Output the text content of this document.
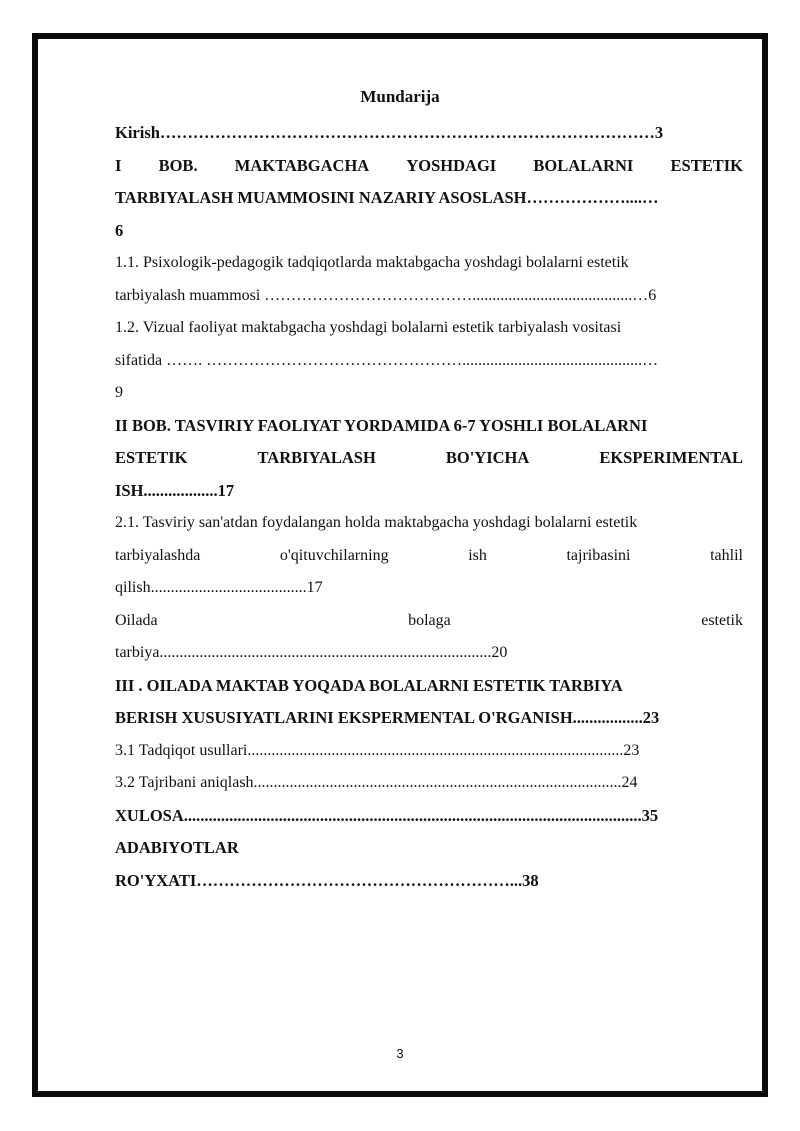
Mundarija
Kirish………………………………………………………………………………3
I BOB. MAKTABGACHA YOSHDAGI BOLALARNI ESTETIK
TARBIYALASH MUAMMOSINI NAZARIY ASOSLASH………………....…
6
1.1. Psixologik-pedagogik tadqiqotlarda maktabgacha yoshdagi bolalarni estetik
tarbiyalash muammosi …………………………………........................................…6
1.2. Vizual faoliyat maktabgacha yoshdagi bolalarni estetik tarbiyalash vositasi
sifatida ……. ………………………………………….............................................…
9
II BOB. TASVIRIY FAOLIYAT YORDAMIDA 6-7 YOSHLI BOLALARNI
ESTETIK	TARBIYALASH	BO'YICHA	EKSPERIMENTAL
ISH..................17
2.1. Tasviriy san'atdan foydalangan holda maktabgacha yoshdagi bolalarni estetik
tarbiyalashda	o'qituvchilarning	ish	tajribasini	tahlil
qilish.......................................17
Oilada	bolaga	estetik
tarbiya...................................................................................20
III . OILADA MAKTAB YOQADA BOLALARNI ESTETIK TARBIYA
BERISH XUSUSIYATLARINI EKSPERMENTAL O'RGANISH.................23
3.1 Tadqiqot usullari..............................................................................................23
3.2 Tajribani aniqlash............................................................................................24
XULOSA...............................................................................................................35
ADABIYOTLAR
RO'YXATI…………………………………………………...38
3
